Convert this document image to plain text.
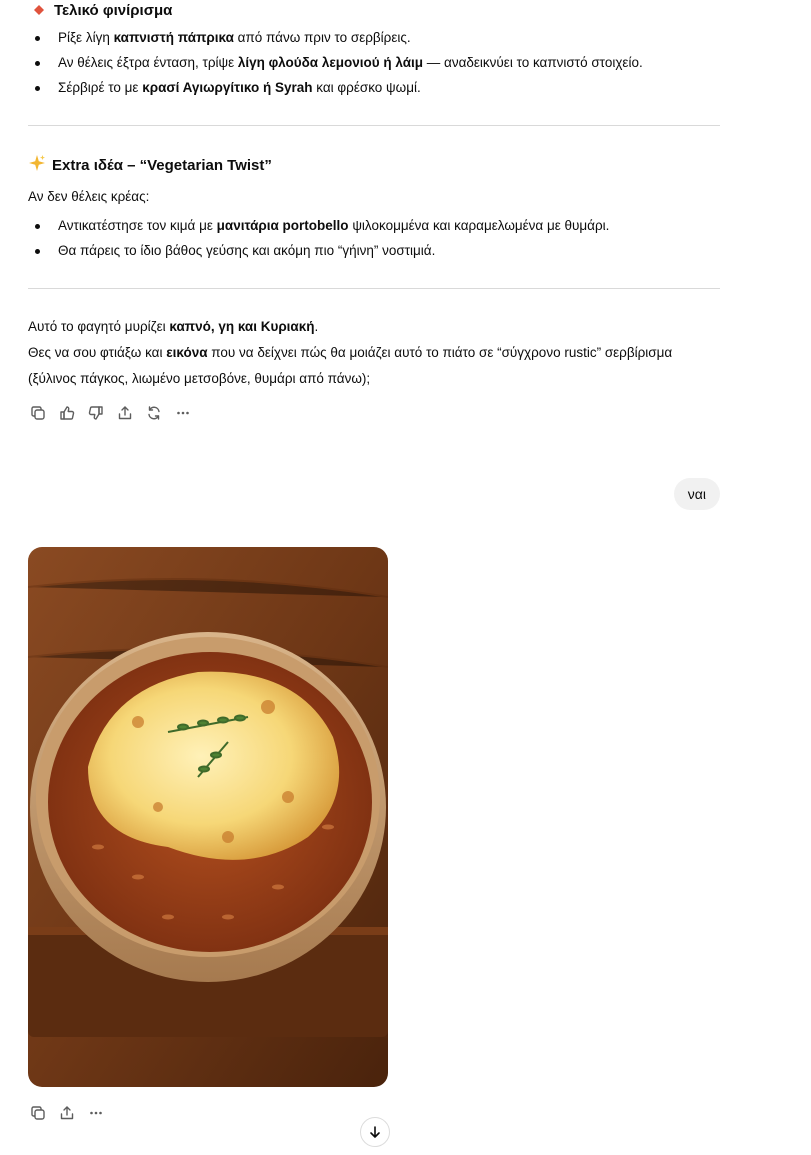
Τελικό φινίρισμα
Ρίξε λίγη καπνιστή πάπρικα από πάνω πριν το σερβίρεις.
Αν θέλεις έξτρα ένταση, τρίψε λίγη φλούδα λεμονιού ή λάιμ — αναδεικνύει το καπνιστό στοιχείο.
Σέρβιρέ το με κρασί Αγιωργίτικο ή Syrah και φρέσκο ψωμί.
Extra ιδέα – “Vegetarian Twist”

Αν δεν θέλεις κρέας:

Αντικατέστησε τον κιμά με μανιτάρια portobello ψιλοκομμένα και καραμελωμένα με θυμάρι.
Θα πάρεις το ίδιο βάθος γεύσης και ακόμη πιο “γήινη” νοστιμιά.

Αυτό το φαγητό μυρίζει καπνό, γη και Κυριακή.

Θες να σου φτιάξω και εικόνα που να δείχνει πώς θα μοιάζει αυτό το πιάτο σε “σύγχρονο rustic” σερβίρισμα (ξύλινος πάγκος, λιωμένο μετσοβόνε, θυμάρι από πάνω);

ναι
